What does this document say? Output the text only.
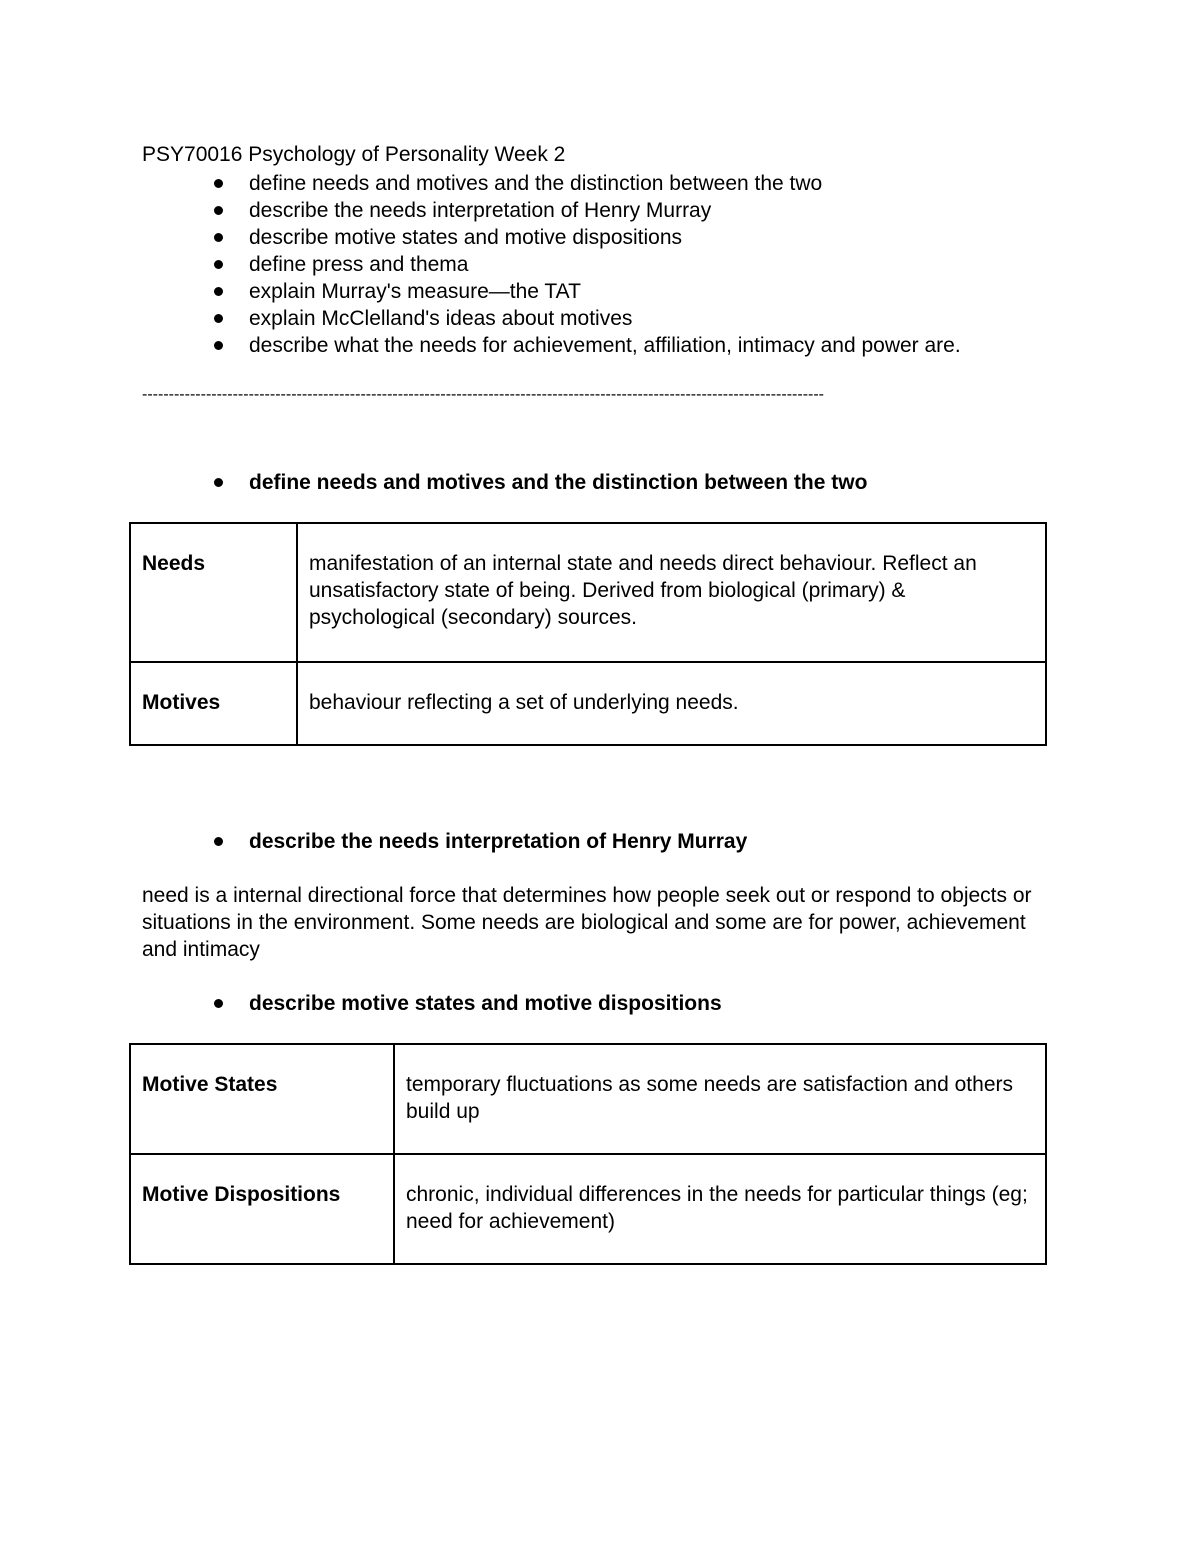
PSY70016 Psychology of Personality Week 2
define needs and motives and the distinction between the two
describe the needs interpretation of Henry Murray
describe motive states and motive dispositions
define press and thema
explain Murray's measure—the TAT
explain McClelland's ideas about motives
describe what the needs for achievement, affiliation, intimacy and power are.
--------------------------------------------------------------------------------------------------------------------------------
define needs and motives and the distinction between the two
Needs	manifestation of an internal state and needs direct behaviour. Reflect an unsatisfactory state of being. Derived from biological (primary) & psychological (secondary) sources.
Motives	behaviour reflecting a set of underlying needs.
describe the needs interpretation of Henry Murray

need is a internal directional force that determines how people seek out or respond to objects or situations in the environment. Some needs are biological and some are for power, achievement and intimacy

describe motive states and motive dispositions
Motive States	temporary fluctuations as some needs are satisfaction and others build up
Motive Dispositions	chronic, individual differences in the needs for particular things (eg; need for achievement)
